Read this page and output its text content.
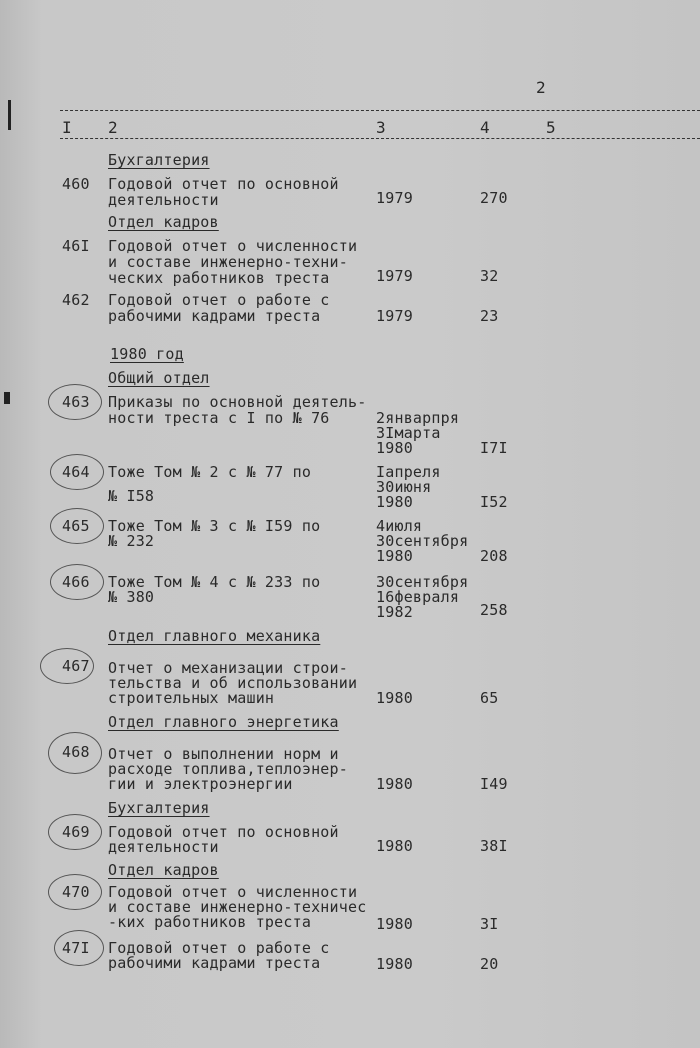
2
I 2	3	4	5
Бухгалтерия
460 Годовой отчет по основной
деятельности	1979	270
Отдел кадров
46I Годовой отчет о численности
и составе инженерно-техни-
ческих работников треста	1979	32
462 Годовой отчет о работе с
рабочими кадрами треста	1979	23
1980 год
Общий отдел
463 Приказы по основной деятель-
ности треста с I по № 76	2январпря
3Iмарта
1980	I7I
464 Тоже Том № 2 с № 77 по
№ I58
Iапреля
30июня
1980	I52
465 Тоже Том № 3 с № I59 по
№ 232
4июля
30сентября
1980	208
466 Тоже Том № 4 с № 233 по
№ 380
30сентября
16февраля
1982	258
Отдел главного механика
467 Отчет о механизации строи-
тельства и об использовании
строительных машин	1980	65
Отдел главного энергетика
468 Отчет о выполнении норм и
расходе топлива,теплоэнер-
гии и электроэнергии	1980	I49
Бухгалтерия
469 Годовой отчет по основной
деятельности	1980	38I
Отдел кадров
470 Годовой отчет о численности
и составе инженерно-техничес
-ких работников треста	1980	3I
47I Годовой отчет о работе с
рабочими кадрами треста	1980	20
